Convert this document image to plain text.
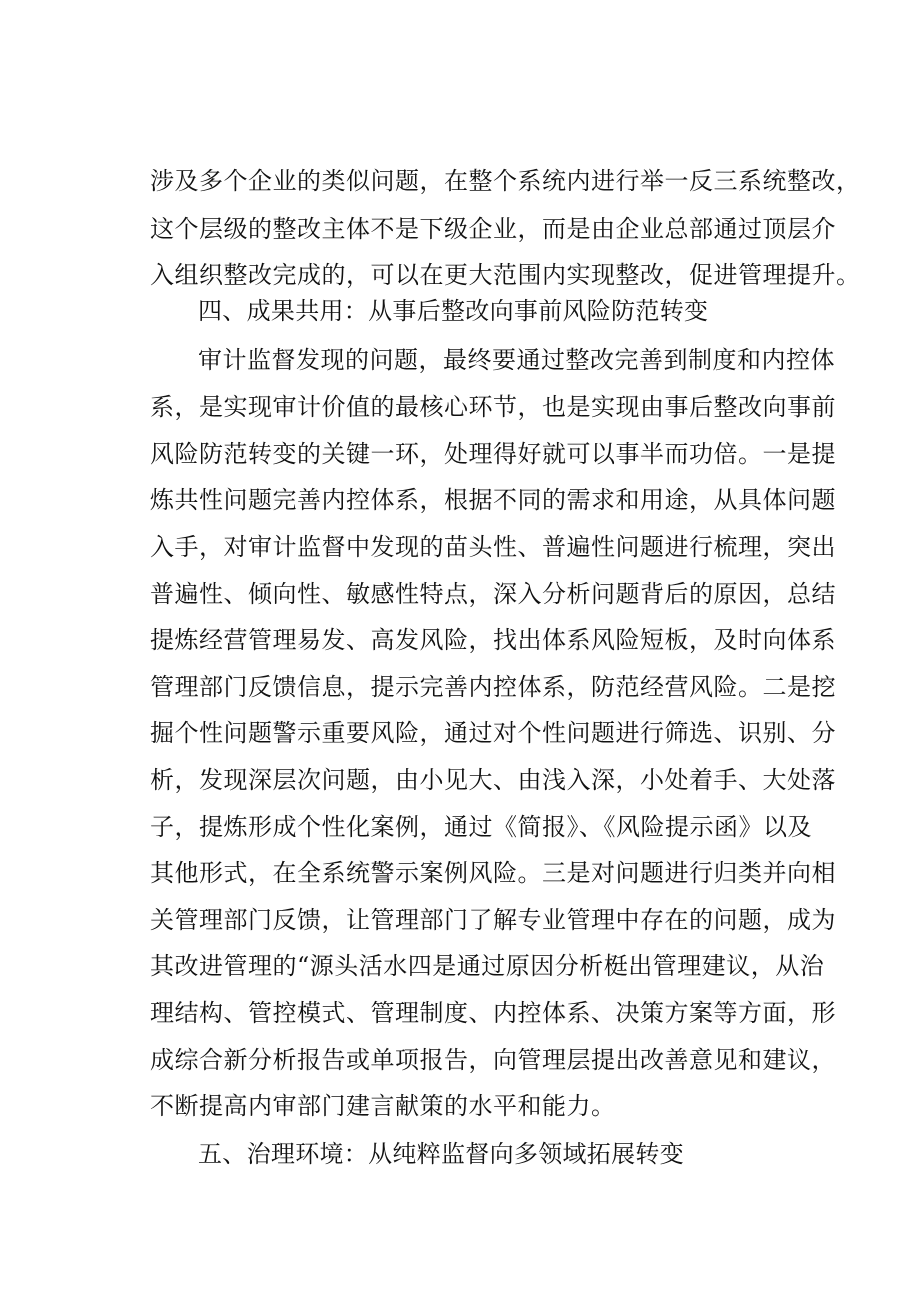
涉及多个企业的类似问题，在整个系统内进行举一反三系统整改，
这个层级的整改主体不是下级企业，而是由企业总部通过顶层介
入组织整改完成的，可以在更大范围内实现整改，促进管理提升。
四、成果共用：从事后整改向事前风险防范转变
审计监督发现的问题，最终要通过整改完善到制度和内控体
系，是实现审计价值的最核心环节，也是实现由事后整改向事前
风险防范转变的关键一环，处理得好就可以事半而功倍。一是提
炼共性问题完善内控体系，根据不同的需求和用途，从具体问题
入手，对审计监督中发现的苗头性、普遍性问题进行梳理，突出
普遍性、倾向性、敏感性特点，深入分析问题背后的原因，总结
提炼经营管理易发、高发风险，找出体系风险短板，及时向体系
管理部门反馈信息，提示完善内控体系，防范经营风险。二是挖
掘个性问题警示重要风险，通过对个性问题进行筛选、识别、分
析，发现深层次问题，由小见大、由浅入深，小处着手、大处落
子，提炼形成个性化案例，通过《简报》、《风险提示函》以及
其他形式，在全系统警示案例风险。三是对问题进行归类并向相
关管理部门反馈，让管理部门了解专业管理中存在的问题，成为
其改进管理的“源头活水四是通过原因分析梃出管理建议，从治
理结构、管控模式、管理制度、内控体系、决策方案等方面，形
成综合新分析报告或单项报告，向管理层提出改善意见和建议，
不断提高内审部门建言献策的水平和能力。
五、治理环境：从纯粹监督向多领域拓展转变
